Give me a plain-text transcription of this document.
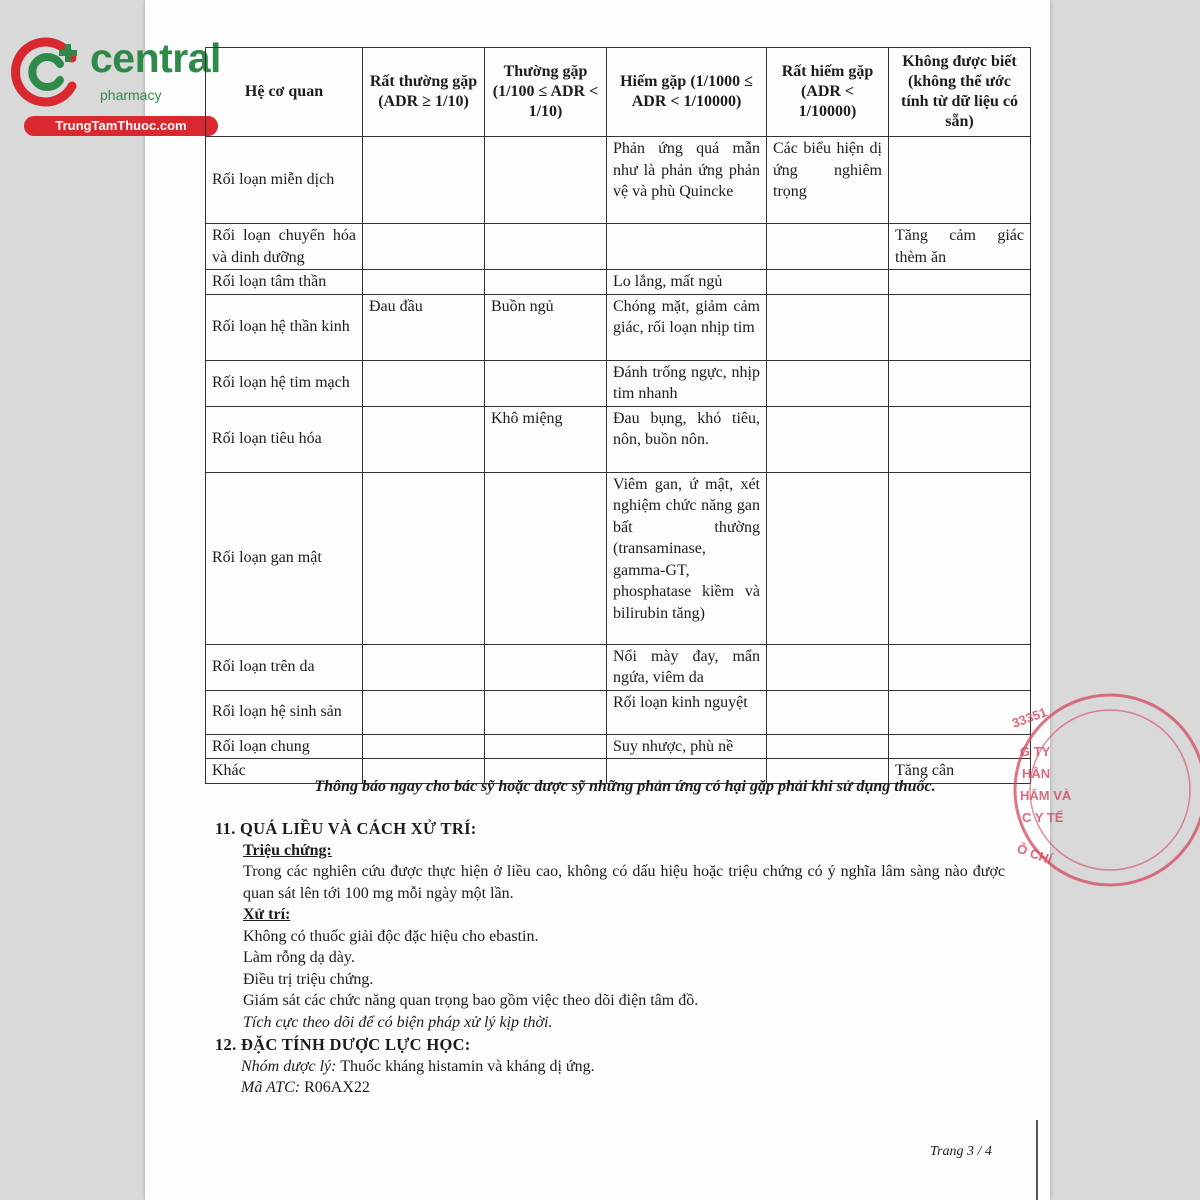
central
pharmacy
TrungTamThuoc.com
Hệ cơ quan	Rất thường gặp (ADR ≥ 1/10)	Thường gặp (1/100 ≤ ADR < 1/10)	Hiếm gặp (1/1000 ≤ ADR < 1/10000)	Rất hiếm gặp (ADR < 1/10000)	Không được biết (không thể ước tính từ dữ liệu có sẵn)
Rối loạn miễn dịch			Phản ứng quá mẫn như là phản ứng phản vệ và phù Quincke	Các biểu hiện dị ứng nghiêm trọng	
Rối loạn chuyển hóa và dinh dưỡng					Tăng cảm giác thèm ăn
Rối loạn tâm thần			Lo lắng, mất ngủ		
Rối loạn hệ thần kinh	Đau đầu	Buồn ngủ	Chóng mặt, giảm cảm giác, rối loạn nhịp tim		
Rối loạn hệ tim mạch			Đánh trống ngực, nhịp tim nhanh		
Rối loạn tiêu hóa		Khô miệng	Đau bụng, khó tiêu, nôn, buồn nôn.		
Rối loạn gan mật			Viêm gan, ứ mật, xét nghiệm chức năng gan bất thường (transaminase, gamma-GT, phosphatase kiềm và bilirubin tăng)		
Rối loạn trên da			Nổi mày đay, mẩn ngứa, viêm da		
Rối loạn hệ sinh sản			Rối loạn kinh nguyệt		
Rối loạn chung			Suy nhược, phù nề		
Khác					Tăng cân
Thông báo ngay cho bác sỹ hoặc dược sỹ những phản ứng có hại gặp phải khi sử dụng thuốc.
11. QUÁ LIỀU VÀ CÁCH XỬ TRÍ:
Triệu chứng:
Trong các nghiên cứu được thực hiện ở liều cao, không có dấu hiệu hoặc triệu chứng có ý nghĩa lâm sàng nào được quan sát lên tới 100 mg mỗi ngày một lần.
Xử trí:
Không có thuốc giải độc đặc hiệu cho ebastin.
Làm rỗng dạ dày.
Điều trị triệu chứng.
Giám sát các chức năng quan trọng bao gồm việc theo dõi điện tâm đồ.
Tích cực theo dõi để có biện pháp xử lý kịp thời.
12. ĐẶC TÍNH DƯỢC LỰC HỌC:
Nhóm dược lý: Thuốc kháng histamin và kháng dị ứng.
Mã ATC: R06AX22
33351
G TY
HẦN
HẨM VÀ
C Y TẾ
Ồ CHÍ
Trang 3 / 4
